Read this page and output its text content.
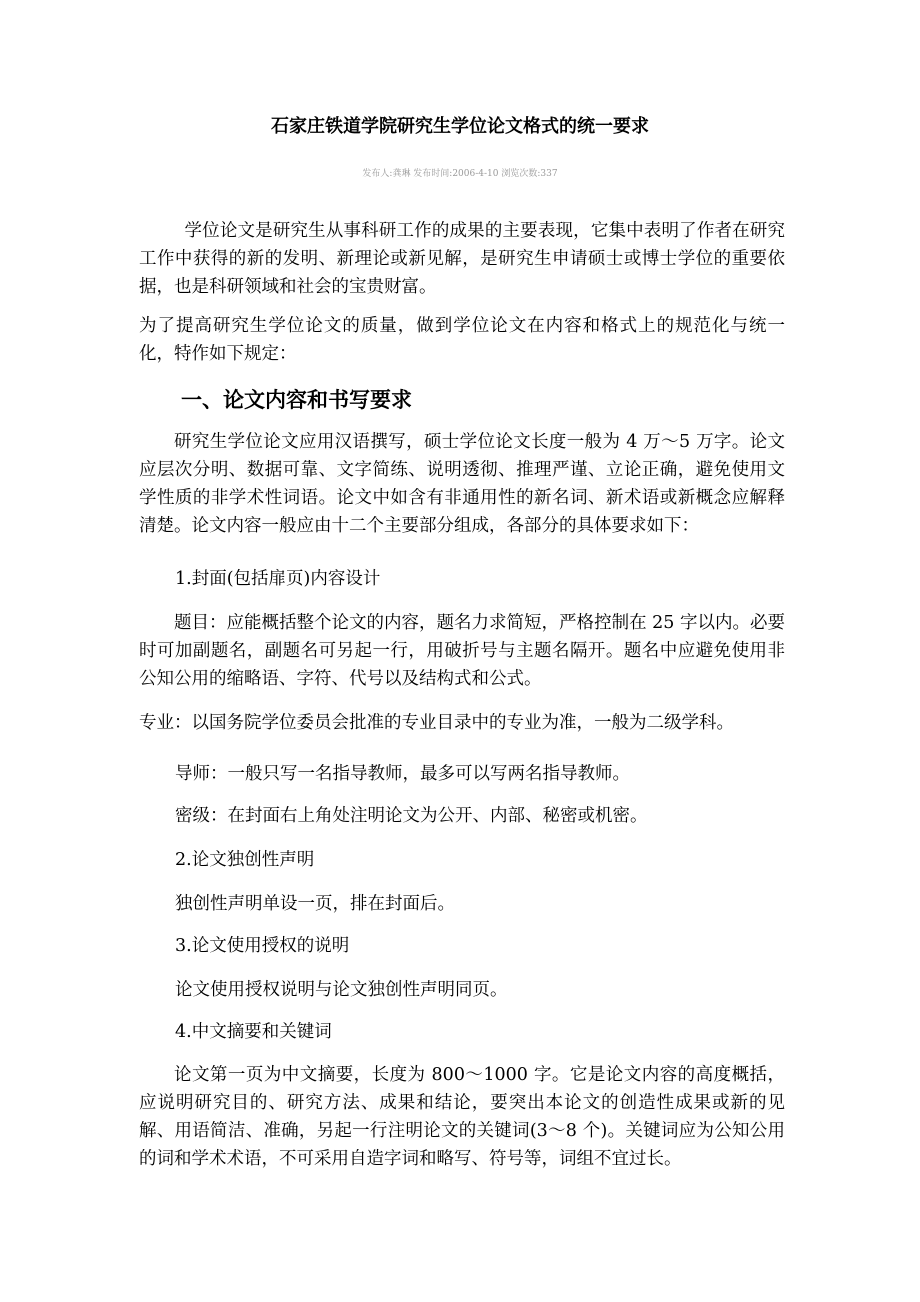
石家庄铁道学院研究生学位论文格式的统一要求
发布人:龚琳 发布时间:2006-4-10 浏览次数:337

学位论文是研究生从事科研工作的成果的主要表现，它集中表明了作者在研究工作中获得的新的发明、新理论或新见解，是研究生申请硕士或博士学位的重要依据，也是科研领域和社会的宝贵财富。

为了提高研究生学位论文的质量，做到学位论文在内容和格式上的规范化与统一化，特作如下规定：

一、论文内容和书写要求

研究生学位论文应用汉语撰写，硕士学位论文长度一般为 4 万～5 万字。论文应层次分明、数据可靠、文字简练、说明透彻、推理严谨、立论正确，避免使用文学性质的非学术性词语。论文中如含有非通用性的新名词、新术语或新概念应解释清楚。论文内容一般应由十二个主要部分组成，各部分的具体要求如下：

1.封面(包括扉页)内容设计

题目：应能概括整个论文的内容，题名力求简短，严格控制在 25 字以内。必要时可加副题名，副题名可另起一行，用破折号与主题名隔开。题名中应避免使用非公知公用的缩略语、字符、代号以及结构式和公式。

专业：以国务院学位委员会批准的专业目录中的专业为准，一般为二级学科。

导师：一般只写一名指导教师，最多可以写两名指导教师。

密级：在封面右上角处注明论文为公开、内部、秘密或机密。

2.论文独创性声明

独创性声明单设一页，排在封面后。

3.论文使用授权的说明

论文使用授权说明与论文独创性声明同页。

4.中文摘要和关键词

论文第一页为中文摘要，长度为 800～1000 字。它是论文内容的高度概括，应说明研究目的、研究方法、成果和结论，要突出本论文的创造性成果或新的见解、用语简洁、准确，另起一行注明论文的关键词(3～8 个)。关键词应为公知公用的词和学术术语，不可采用自造字词和略写、符号等，词组不宜过长。
